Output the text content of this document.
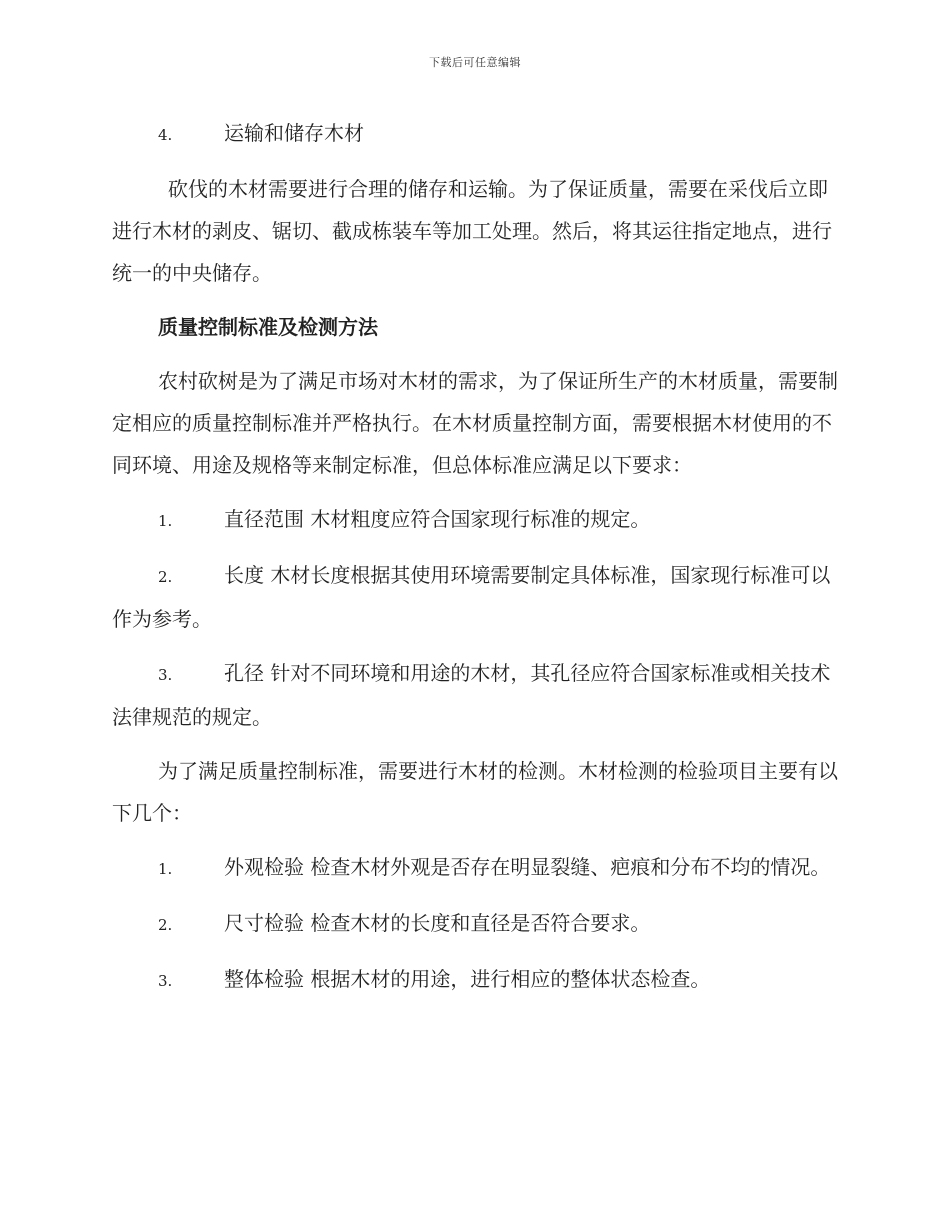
下载后可任意编辑
4.	运输和储存木材

砍伐的木材需要进行合理的储存和运输。为了保证质量，需要在采伐后立即进行木材的剥皮、锯切、截成栋装车等加工处理。然后，将其运往指定地点，进行统一的中央储存。

质量控制标准及检测方法

农村砍树是为了满足市场对木材的需求，为了保证所生产的木材质量，需要制定相应的质量控制标准并严格执行。在木材质量控制方面，需要根据木材使用的不同环境、用途及规格等来制定标准，但总体标准应满足以下要求：

1.	直径范围 木材粗度应符合国家现行标准的规定。
2.	长度 木材长度根据其使用环境需要制定具体标准，国家现行标准可以作为参考。
3.	孔径 针对不同环境和用途的木材，其孔径应符合国家标准或相关技术法律规范的规定。

为了满足质量控制标准，需要进行木材的检测。木材检测的检验项目主要有以下几个：

1.	外观检验 检查木材外观是否存在明显裂缝、疤痕和分布不均的情况。
2.	尺寸检验 检查木材的长度和直径是否符合要求。
3.	整体检验 根据木材的用途，进行相应的整体状态检查。
